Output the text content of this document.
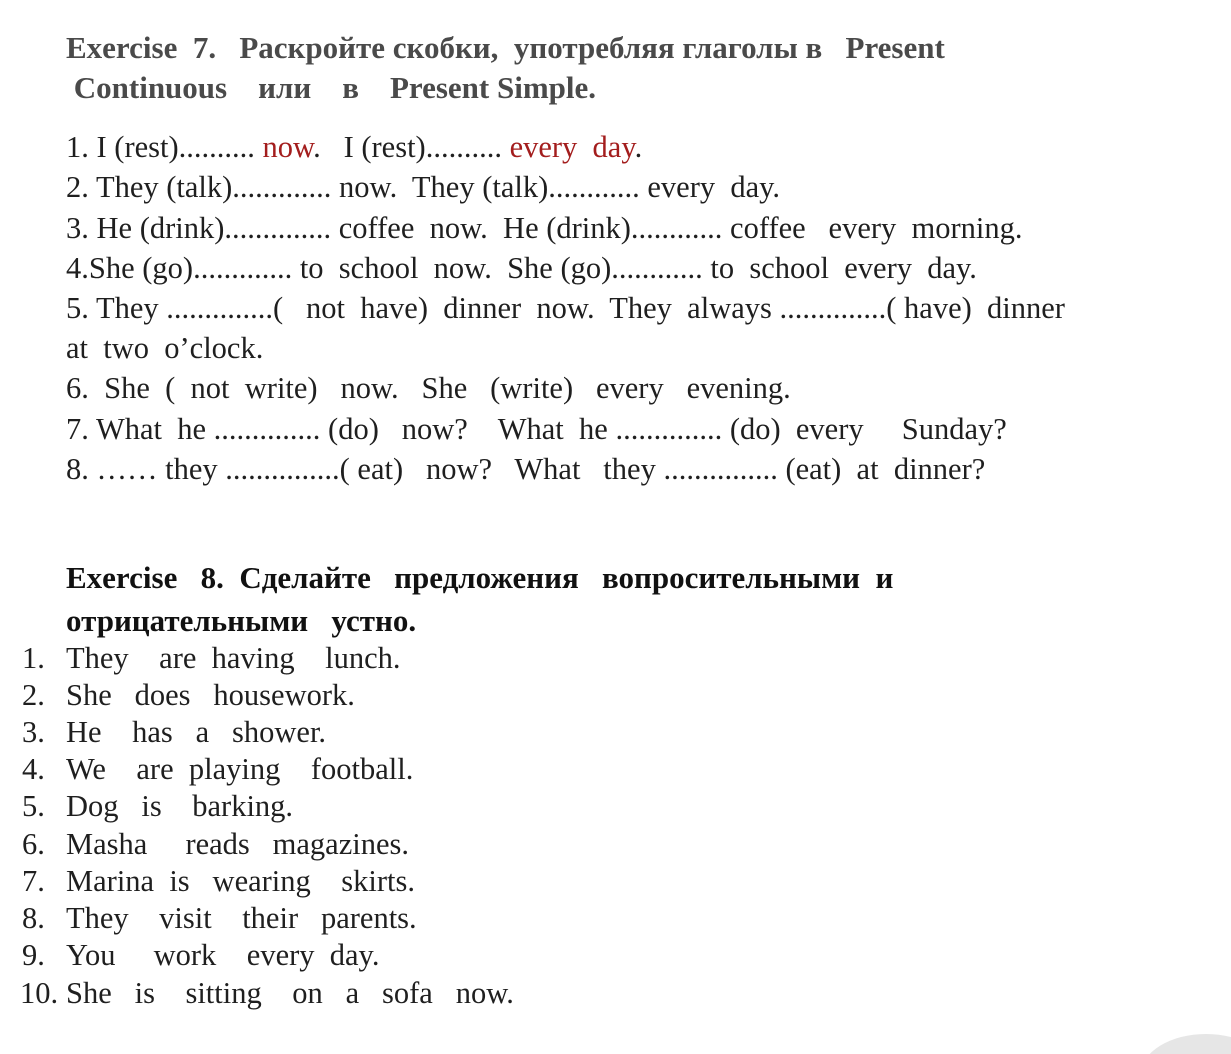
Exercise  7.   Раскройте скобки,  употребляя глаголы в   Present
Continuous    или    в    Present Simple.
1. I (rest).......... now.   I (rest).......... every  day.
2. They (talk)............. now.  They (talk)............ every  day.
3. He (drink).............. coffee  now.  He (drink)............ coffee   every  morning.
4.She (go)............. to  school  now.  She (go)............ to  school  every  day.
5. They ..............(   not  have)  dinner  now.  They  always ..............( have)  dinner
at  two  o’clock.
6.  She  (  not  write)   now.   She   (write)   every   evening.
7. What  he .............. (do)   now?    What  he .............. (do)  every     Sunday?
8. …… they ...............( eat)   now?   What   they ............... (eat)  at  dinner?
Exercise   8.  Сделайте   предложения   вопросительными  и
отрицательными   устно.
1. They    are  having    lunch.
2. She   does   housework.
3. He    has   a   shower.
4. We    are  playing    football.
5. Dog   is    barking.
6. Masha     reads   magazines.
7. Marina  is   wearing    skirts.
8. They    visit    their   parents.
9. You     work    every  day.
10. She   is    sitting    on   a   sofa   now.
